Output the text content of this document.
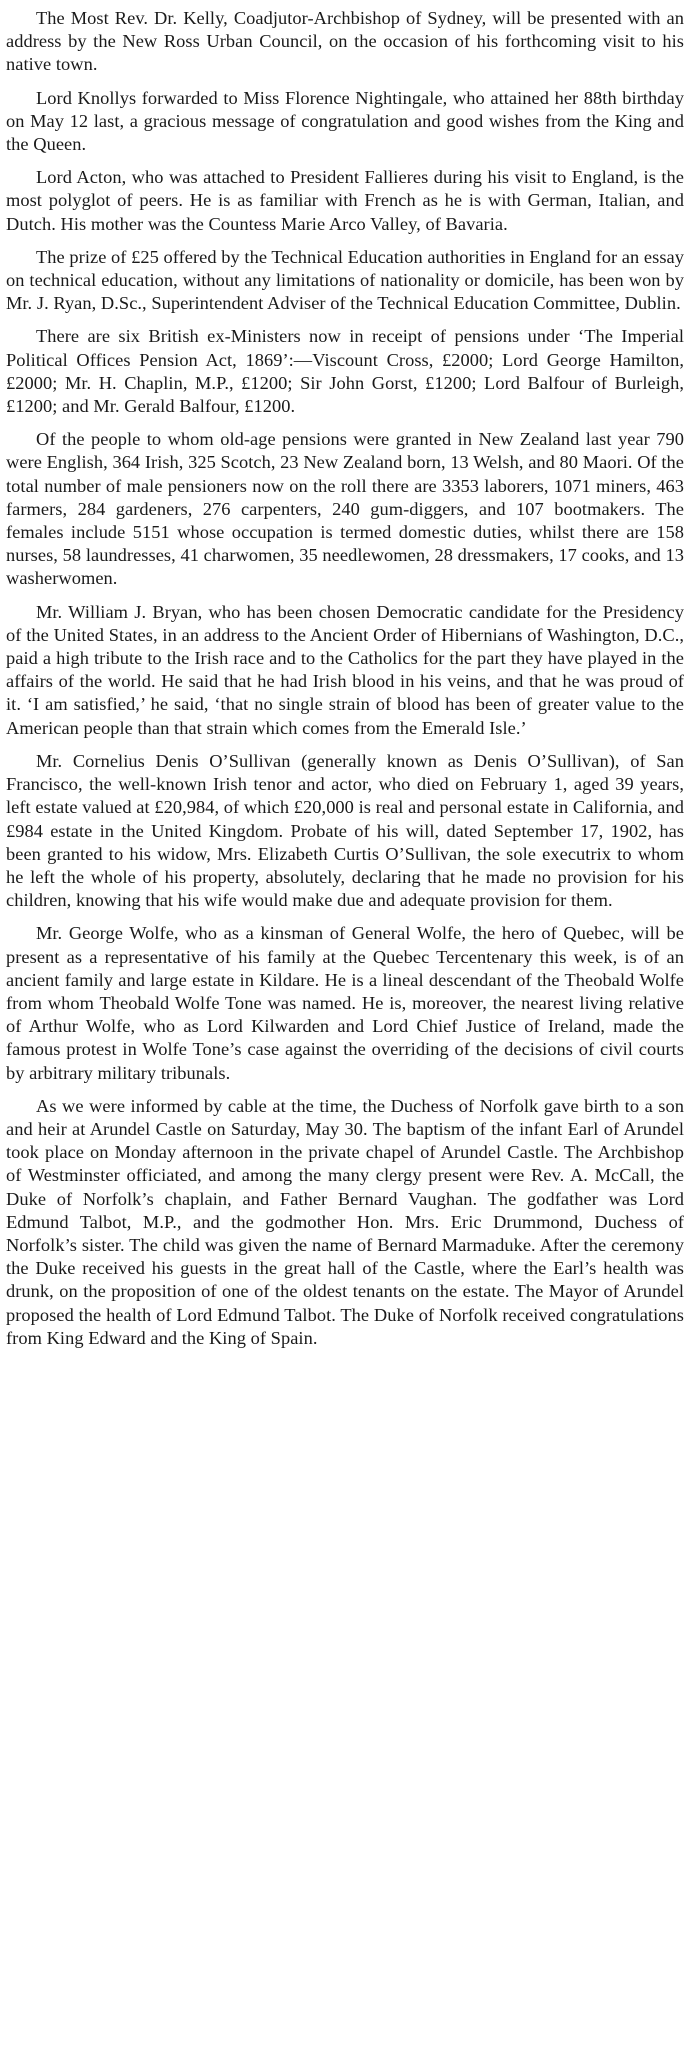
The Most Rev. Dr. Kelly, Coadjutor-Archbishop of Sydney, will be presented with an address by the New Ross Urban Council, on the occasion of his forthcoming visit to his native town.

Lord Knollys forwarded to Miss Florence Nightingale, who attained her 88th birthday on May 12 last, a gracious message of congratulation and good wishes from the King and the Queen.

Lord Acton, who was attached to President Fallieres during his visit to England, is the most polyglot of peers. He is as familiar with French as he is with German, Italian, and Dutch. His mother was the Countess Marie Arco Valley, of Bavaria.

The prize of £25 offered by the Technical Education authorities in England for an essay on technical education, without any limitations of nationality or domicile, has been won by Mr. J. Ryan, D.Sc., Superintendent Adviser of the Technical Education Committee, Dublin.

There are six British ex-Ministers now in receipt of pensions under ‘The Imperial Political Offices Pension Act, 1869’:—Viscount Cross, £2000; Lord George Hamilton, £2000; Mr. H. Chaplin, M.P., £1200; Sir John Gorst, £1200; Lord Balfour of Burleigh, £1200; and Mr. Gerald Balfour, £1200.

Of the people to whom old-age pensions were granted in New Zealand last year 790 were English, 364 Irish, 325 Scotch, 23 New Zealand born, 13 Welsh, and 80 Maori. Of the total number of male pensioners now on the roll there are 3353 laborers, 1071 miners, 463 farmers, 284 gardeners, 276 carpenters, 240 gum-diggers, and 107 bootmakers. The females include 5151 whose occupation is termed domestic duties, whilst there are 158 nurses, 58 laundresses, 41 charwomen, 35 needlewomen, 28 dressmakers, 17 cooks, and 13 washerwomen.

Mr. William J. Bryan, who has been chosen Democratic candidate for the Presidency of the United States, in an address to the Ancient Order of Hibernians of Washington, D.C., paid a high tribute to the Irish race and to the Catholics for the part they have played in the affairs of the world. He said that he had Irish blood in his veins, and that he was proud of it. ‘I am satisfied,’ he said, ‘that no single strain of blood has been of greater value to the American people than that strain which comes from the Emerald Isle.’

Mr. Cornelius Denis O’Sullivan (generally known as Denis O’Sullivan), of San Francisco, the well-known Irish tenor and actor, who died on February 1, aged 39 years, left estate valued at £20,984, of which £20,000 is real and personal estate in California, and £984 estate in the United Kingdom. Probate of his will, dated September 17, 1902, has been granted to his widow, Mrs. Elizabeth Curtis O’Sullivan, the sole executrix to whom he left the whole of his property, absolutely, declaring that he made no provision for his children, knowing that his wife would make due and adequate provision for them.

Mr. George Wolfe, who as a kinsman of General Wolfe, the hero of Quebec, will be present as a representative of his family at the Quebec Tercentenary this week, is of an ancient family and large estate in Kildare. He is a lineal descendant of the Theobald Wolfe from whom Theobald Wolfe Tone was named. He is, moreover, the nearest living relative of Arthur Wolfe, who as Lord Kilwarden and Lord Chief Justice of Ireland, made the famous protest in Wolfe Tone’s case against the overriding of the decisions of civil courts by arbitrary military tribunals.

As we were informed by cable at the time, the Duchess of Norfolk gave birth to a son and heir at Arundel Castle on Saturday, May 30. The baptism of the infant Earl of Arundel took place on Monday afternoon in the private chapel of Arundel Castle. The Archbishop of Westminster officiated, and among the many clergy present were Rev. A. McCall, the Duke of Norfolk’s chaplain, and Father Bernard Vaughan. The godfather was Lord Edmund Talbot, M.P., and the godmother Hon. Mrs. Eric Drummond, Duchess of Norfolk’s sister. The child was given the name of Bernard Marmaduke. After the ceremony the Duke received his guests in the great hall of the Castle, where the Earl’s health was drunk, on the proposition of one of the oldest tenants on the estate. The Mayor of Arundel proposed the health of Lord Edmund Talbot. The Duke of Norfolk received congratulations from King Edward and the King of Spain.
